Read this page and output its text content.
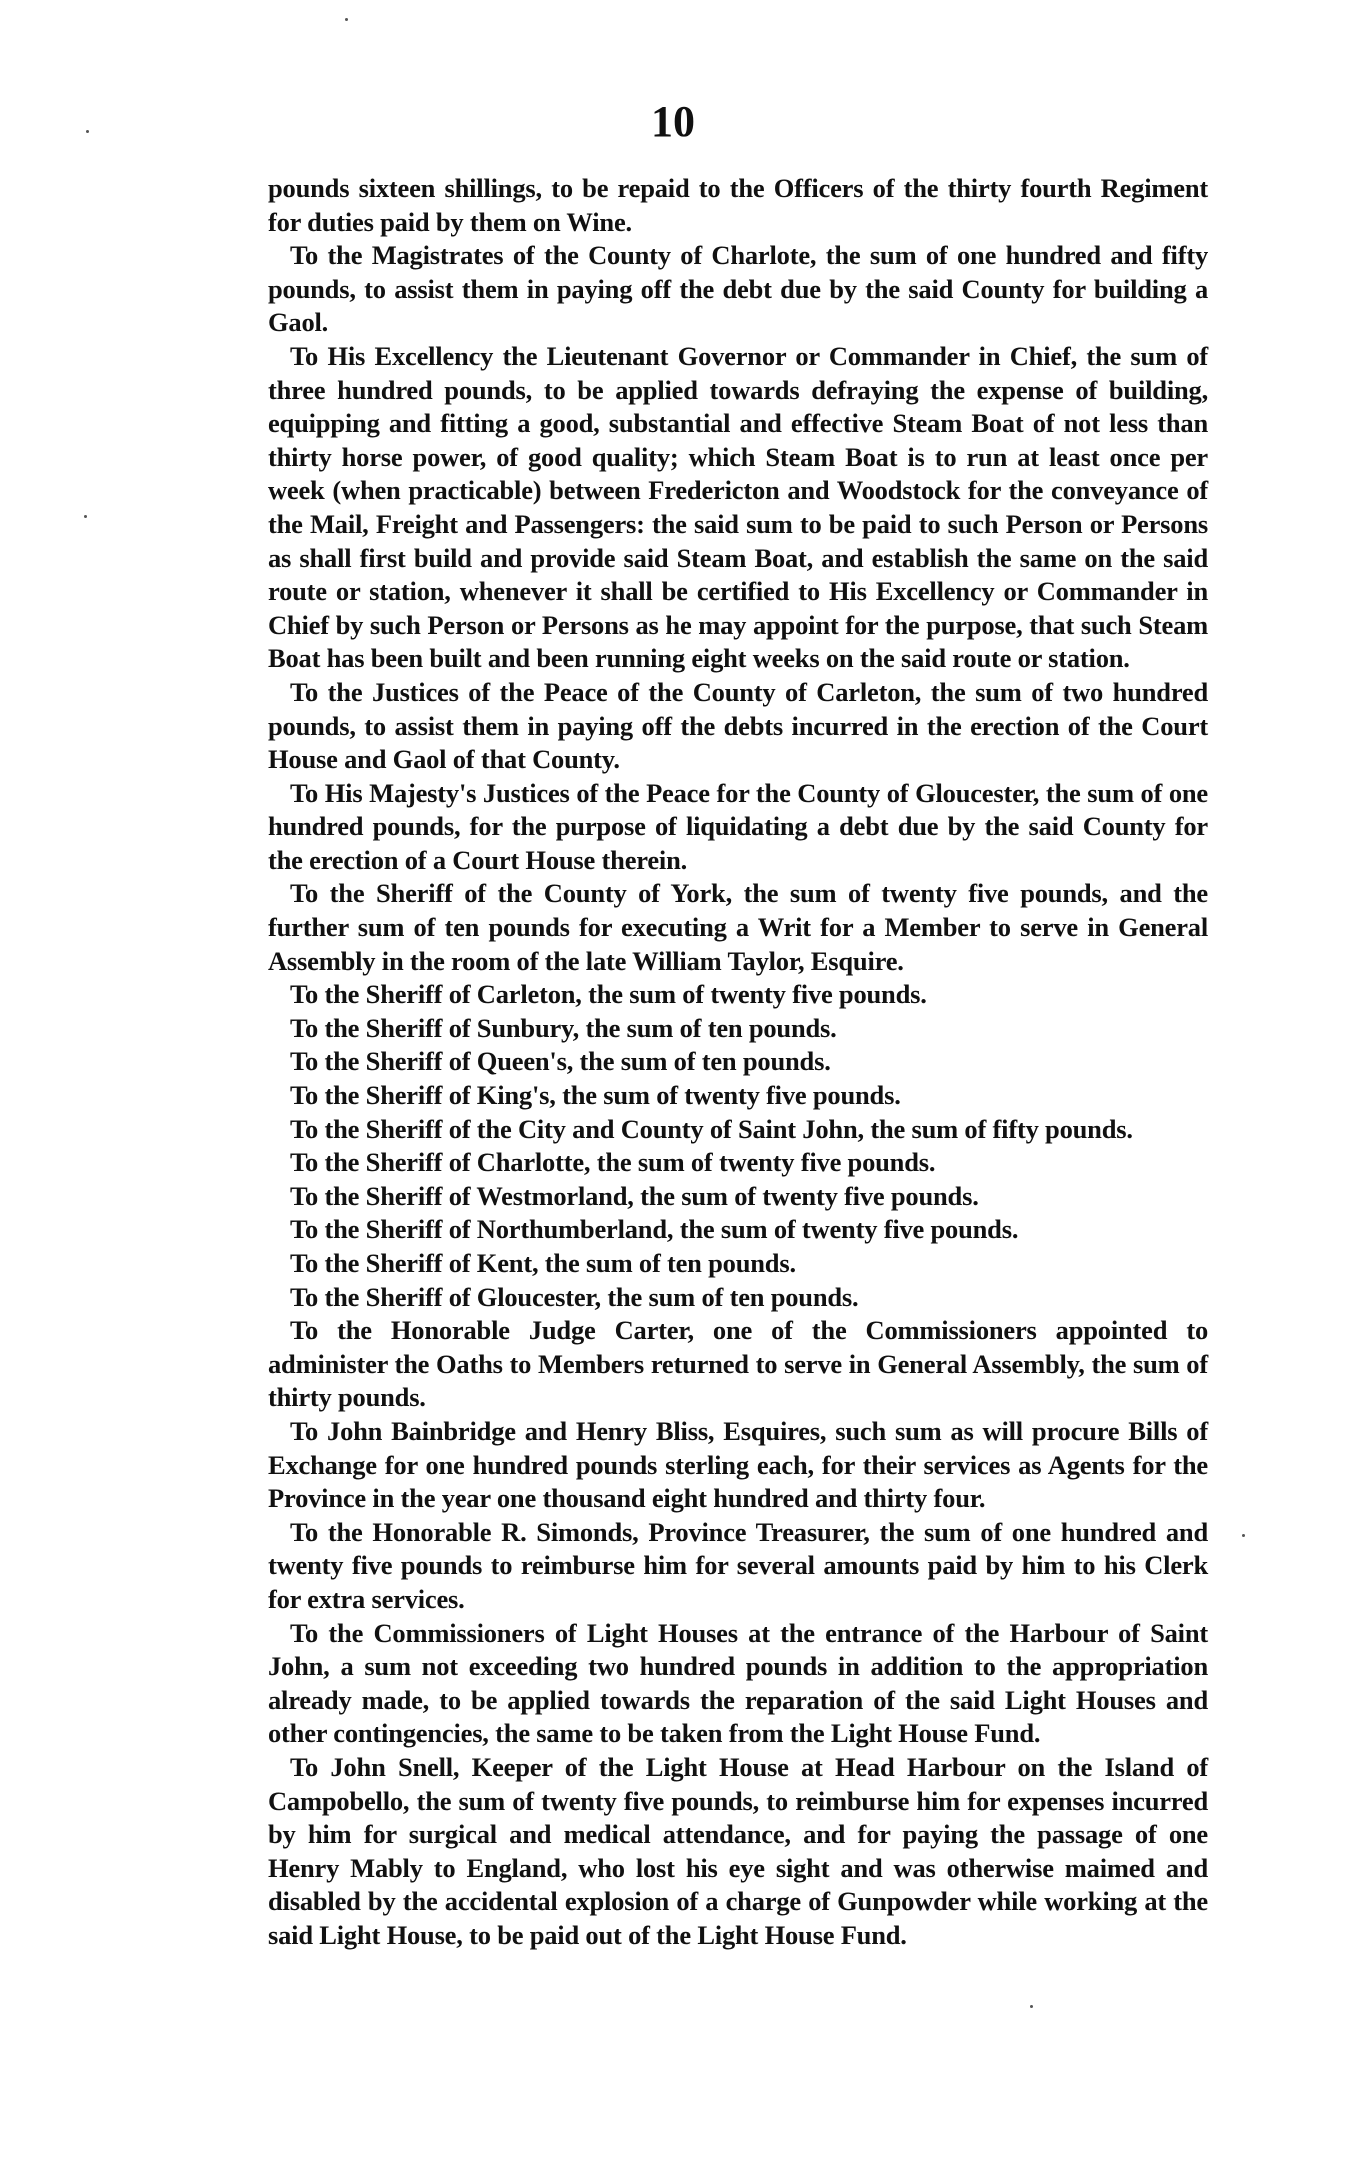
10

pounds sixteen shillings, to be repaid to the Officers of the thirty fourth Regiment for duties paid by them on Wine.

To the Magistrates of the County of Charlote, the sum of one hundred and fifty pounds, to assist them in paying off the debt due by the said County for building a Gaol.

To His Excellency the Lieutenant Governor or Commander in Chief, the sum of three hundred pounds, to be applied towards defraying the expense of building, equipping and fitting a good, substantial and effective Steam Boat of not less than thirty horse power, of good quality; which Steam Boat is to run at least once per week (when practicable) between Fredericton and Woodstock for the conveyance of the Mail, Freight and Passengers: the said sum to be paid to such Person or Persons as shall first build and provide said Steam Boat, and establish the same on the said route or station, whenever it shall be certified to His Excellency or Commander in Chief by such Person or Persons as he may appoint for the purpose, that such Steam Boat has been built and been running eight weeks on the said route or station.

To the Justices of the Peace of the County of Carleton, the sum of two hundred pounds, to assist them in paying off the debts incurred in the erection of the Court House and Gaol of that County.

To His Majesty's Justices of the Peace for the County of Gloucester, the sum of one hundred pounds, for the purpose of liquidating a debt due by the said County for the erection of a Court House therein.

To the Sheriff of the County of York, the sum of twenty five pounds, and the further sum of ten pounds for executing a Writ for a Member to serve in General Assembly in the room of the late William Taylor, Esquire.

To the Sheriff of Carleton, the sum of twenty five pounds.

To the Sheriff of Sunbury, the sum of ten pounds.

To the Sheriff of Queen's, the sum of ten pounds.

To the Sheriff of King's, the sum of twenty five pounds.

To the Sheriff of the City and County of Saint John, the sum of fifty pounds.

To the Sheriff of Charlotte, the sum of twenty five pounds.

To the Sheriff of Westmorland, the sum of twenty five pounds.

To the Sheriff of Northumberland, the sum of twenty five pounds.

To the Sheriff of Kent, the sum of ten pounds.

To the Sheriff of Gloucester, the sum of ten pounds.

To the Honorable Judge Carter, one of the Commissioners appointed to administer the Oaths to Members returned to serve in General Assembly, the sum of thirty pounds.

To John Bainbridge and Henry Bliss, Esquires, such sum as will procure Bills of Exchange for one hundred pounds sterling each, for their services as Agents for the Province in the year one thousand eight hundred and thirty four.

To the Honorable R. Simonds, Province Treasurer, the sum of one hundred and twenty five pounds to reimburse him for several amounts paid by him to his Clerk for extra services.

To the Commissioners of Light Houses at the entrance of the Harbour of Saint John, a sum not exceeding two hundred pounds in addition to the appropriation already made, to be applied towards the reparation of the said Light Houses and other contingencies, the same to be taken from the Light House Fund.

To John Snell, Keeper of the Light House at Head Harbour on the Island of Campobello, the sum of twenty five pounds, to reimburse him for expenses incurred by him for surgical and medical attendance, and for paying the passage of one Henry Mably to England, who lost his eye sight and was otherwise maimed and disabled by the accidental explosion of a charge of Gunpowder while working at the said Light House, to be paid out of the Light House Fund.
